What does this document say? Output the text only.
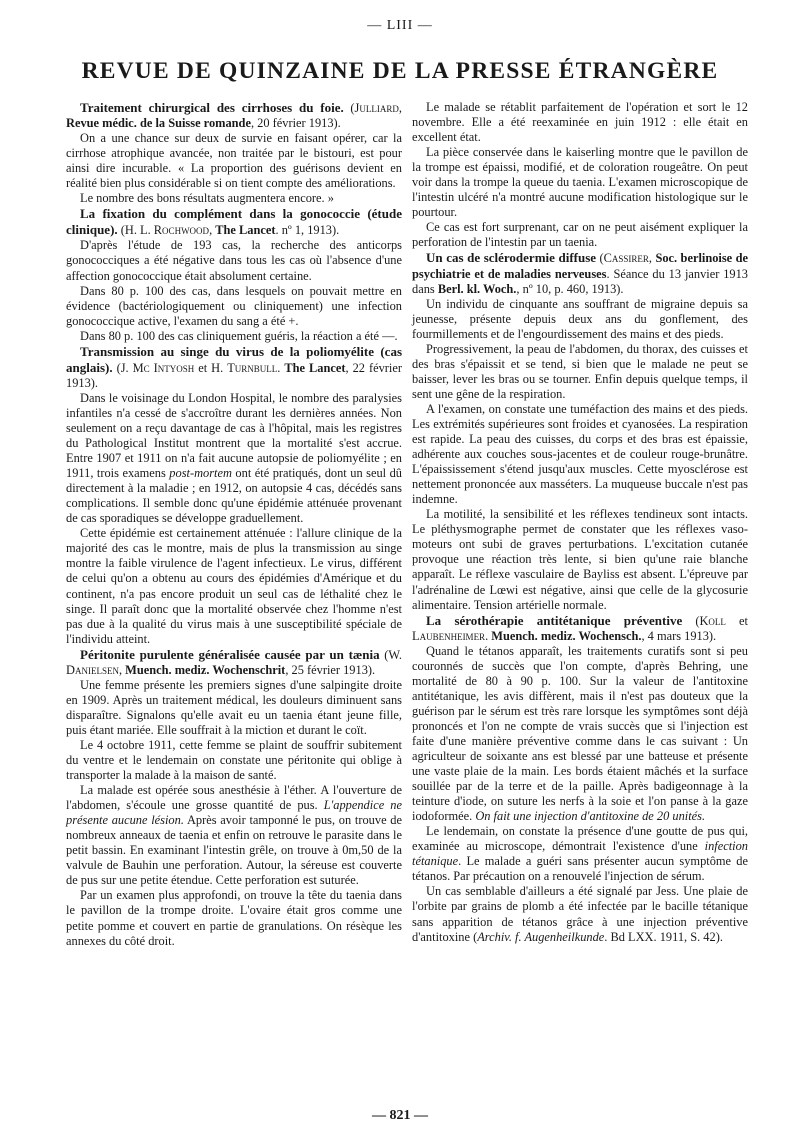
— LIII —
REVUE DE QUINZAINE DE LA PRESSE ÉTRANGÈRE

Traitement chirurgical des cirrhoses du foie. (Julliard, Revue médic. de la Suisse romande, 20 février 1913).

On a une chance sur deux de survie en faisant opérer, car la cirrhose atrophique avancée, non traitée par le bistouri, est pour ainsi dire incurable. « La proportion des guérisons devient en réalité bien plus considérable si on tient compte des améliorations.

Le nombre des bons résultats augmentera encore. »

La fixation du complément dans la gonococcie (étude clinique). (H. L. Rochwood, The Lancet. nº 1, 1913).

D'après l'étude de 193 cas, la recherche des anticorps gonococciques a été négative dans tous les cas où l'absence d'une affection gonococcique était absolument certaine.

Dans 80 p. 100 des cas, dans lesquels on pouvait mettre en évidence (bactériologiquement ou cliniquement) une infection gonococcique active, l'examen du sang a été +.

Dans 80 p. 100 des cas cliniquement guéris, la réaction a été —.

Transmission au singe du virus de la poliomyélite (cas anglais). (J. Mc Intyosh et H. Turnbull. The Lancet, 22 février 1913).

Dans le voisinage du London Hospital, le nombre des paralysies infantiles n'a cessé de s'accroître durant les dernières années. Non seulement on a reçu davantage de cas à l'hôpital, mais les registres du Pathological Institut montrent que la mortalité s'est accrue. Entre 1907 et 1911 on n'a fait aucune autopsie de poliomyélite ; en 1911, trois examens post-mortem ont été pratiqués, dont un seul dû directement à la maladie ; en 1912, on autopsie 4 cas, décédés sans complications. Il semble donc qu'une épidémie atténuée provenant de cas sporadiques se développe graduellement.

Cette épidémie est certainement atténuée : l'allure clinique de la majorité des cas le montre, mais de plus la transmission au singe montre la faible virulence de l'agent infectieux. Le virus, différent de celui qu'on a obtenu au cours des épidémies d'Amérique et du continent, n'a pas encore produit un seul cas de léthalité chez le singe. Il paraît donc que la mortalité observée chez l'homme n'est pas due à la qualité du virus mais à une susceptibilité spéciale de l'individu atteint.

Péritonite purulente généralisée causée par un tænia (W. Danielsen, Muench. mediz. Wochenschrit, 25 février 1913).

Une femme présente les premiers signes d'une salpingite droite en 1909. Après un traitement médical, les douleurs diminuent sans disparaître. Signalons qu'elle avait eu un taenia étant jeune fille, puis étant mariée. Elle souffrait à la miction et durant le coït.

Le 4 octobre 1911, cette femme se plaint de souffrir subitement du ventre et le lendemain on constate une péritonite qui oblige à transporter la malade à la maison de santé.

La malade est opérée sous anesthésie à l'éther. A l'ouverture de l'abdomen, s'écoule une grosse quantité de pus. L'appendice ne présente aucune lésion. Après avoir tamponné le pus, on trouve de nombreux anneaux de taenia et enfin on retrouve le parasite dans le petit bassin. En examinant l'intestin grêle, on trouve à 0m,50 de la valvule de Bauhin une perforation. Autour, la séreuse est couverte de pus sur une petite étendue. Cette perforation est suturée.

Par un examen plus approfondi, on trouve la tête du taenia dans le pavillon de la trompe droite. L'ovaire était gros comme une petite pomme et couvert en partie de granulations. On résèque les annexes du côté droit.

Le malade se rétablit parfaitement de l'opération et sort le 12 novembre. Elle a été reexaminée en juin 1912 : elle était en excellent état.

La pièce conservée dans le kaiserling montre que le pavillon de la trompe est épaissi, modifié, et de coloration rougeâtre. On peut voir dans la trompe la queue du taenia. L'examen microscopique de l'intestin ulcéré n'a montré aucune modification histologique sur le pourtour.

Ce cas est fort surprenant, car on ne peut aisément expliquer la perforation de l'intestin par un taenia.

Un cas de sclérodermie diffuse (Cassirer, Soc. berlinoise de psychiatrie et de maladies nerveuses. Séance du 13 janvier 1913 dans Berl. kl. Woch., nº 10, p. 460, 1913).

Un individu de cinquante ans souffrant de migraine depuis sa jeunesse, présente depuis deux ans du gonflement, des fourmillements et de l'engourdissement des mains et des pieds.

Progressivement, la peau de l'abdomen, du thorax, des cuisses et des bras s'épaissit et se tend, si bien que le malade ne peut se baisser, lever les bras ou se tourner. Enfin depuis quelque temps, il sent une gêne de la respiration.

A l'examen, on constate une tuméfaction des mains et des pieds. Les extrémités supérieures sont froides et cyanosées. La respiration est rapide. La peau des cuisses, du corps et des bras est épaissie, adhérente aux couches sous-jacentes et de couleur rouge-brunâtre. L'épaississement s'étend jusqu'aux muscles. Cette myosclérose est nettement prononcée aux masséters. La muqueuse buccale n'est pas indemne.

La motilité, la sensibilité et les réflexes tendineux sont intacts. Le pléthysmographe permet de constater que les réflexes vaso-moteurs ont subi de graves perturbations. L'excitation cutanée provoque une réaction très lente, si bien qu'une raie blanche apparaît. Le réflexe vasculaire de Bayliss est absent. L'épreuve par l'adrénaline de Lœwi est négative, ainsi que celle de la glycosurie alimentaire. Tension artérielle normale.

La sérothérapie antitétanique préventive (Koll et Laubenheimer. Muench. mediz. Wochensch., 4 mars 1913).

Quand le tétanos apparaît, les traitements curatifs sont si peu couronnés de succès que l'on compte, d'après Behring, une mortalité de 80 à 90 p. 100. Sur la valeur de l'antitoxine antitétanique, les avis diffèrent, mais il n'est pas douteux que la guérison par le sérum est très rare lorsque les symptômes sont déjà prononcés et l'on ne compte de vrais succès que si l'injection est faite d'une manière préventive comme dans le cas suivant : Un agriculteur de soixante ans est blessé par une batteuse et présente une vaste plaie de la main. Les bords étaient mâchés et la surface souillée par de la terre et de la paille. Après badigeonnage à la teinture d'iode, on suture les nerfs à la soie et l'on panse à la gaze iodoformée. On fait une injection d'antitoxine de 20 unités.

Le lendemain, on constate la présence d'une goutte de pus qui, examinée au microscope, démontrait l'existence d'une infection tétanique. Le malade a guéri sans présenter aucun symptôme de tétanos. Par précaution on a renouvelé l'injection de sérum.

Un cas semblable d'ailleurs a été signalé par Jess. Une plaie de l'orbite par grains de plomb a été infectée par le bacille tétanique sans apparition de tétanos grâce à une injection préventive d'antitoxine (Archiv. f. Augenheilkunde. Bd LXX. 1911, S. 42).

— 821 —
